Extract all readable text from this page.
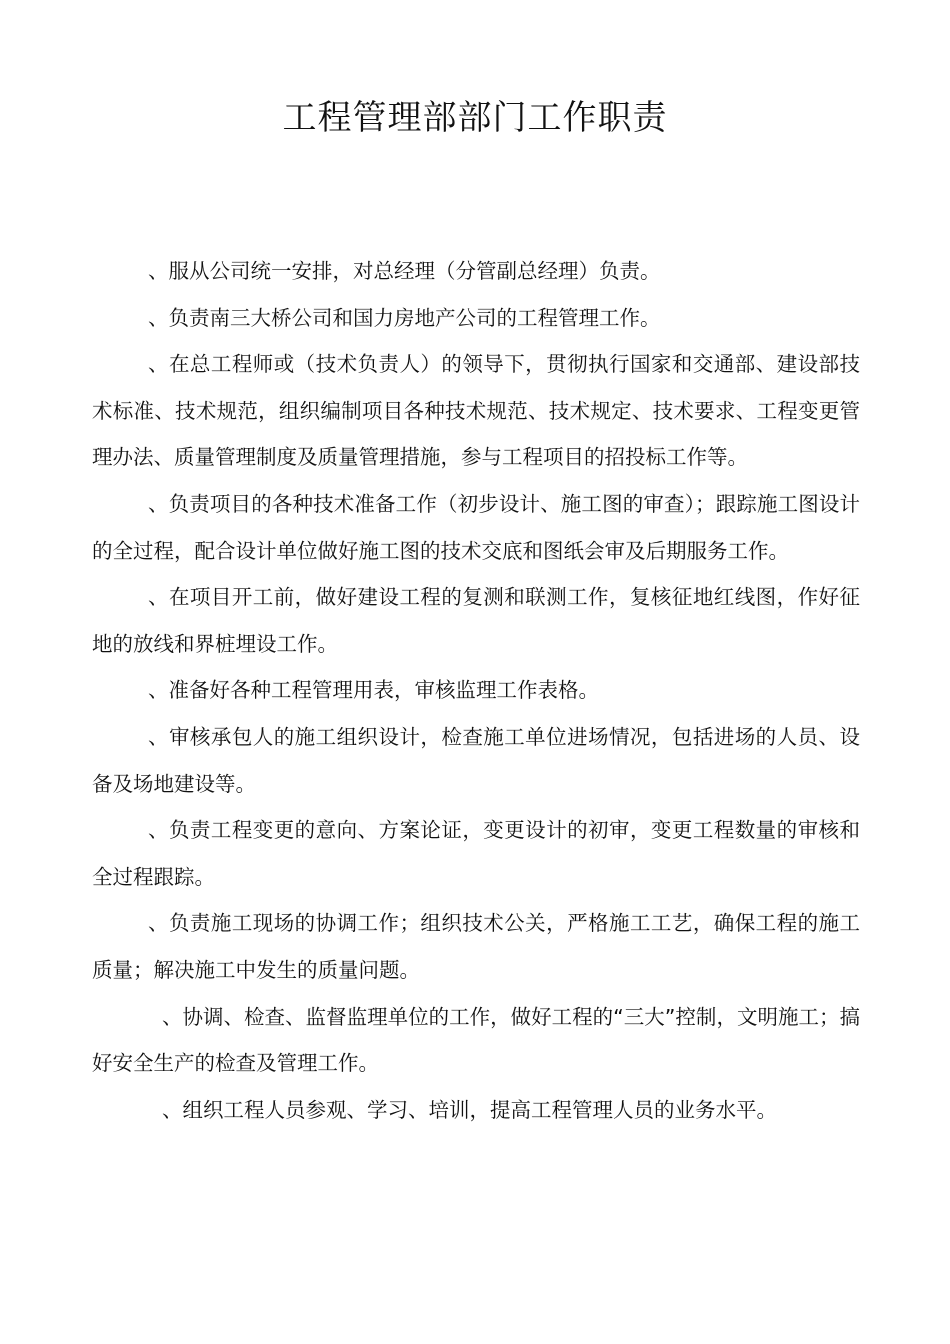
工程管理部部门工作职责

、服从公司统一安排，对总经理（分管副总经理）负责。

、负责南三大桥公司和国力房地产公司的工程管理工作。

、在总工程师或（技术负责人）的领导下，贯彻执行国家和交通部、建设部技术标准、技术规范，组织编制项目各种技术规范、技术规定、技术要求、工程变更管理办法、质量管理制度及质量管理措施，参与工程项目的招投标工作等。

、负责项目的各种技术准备工作（初步设计、施工图的审查）；跟踪施工图设计的全过程，配合设计单位做好施工图的技术交底和图纸会审及后期服务工作。

、在项目开工前，做好建设工程的复测和联测工作，复核征地红线图，作好征地的放线和界桩埋设工作。

、准备好各种工程管理用表，审核监理工作表格。

、审核承包人的施工组织设计，检查施工单位进场情况，包括进场的人员、设备及场地建设等。

、负责工程变更的意向、方案论证，变更设计的初审，变更工程数量的审核和全过程跟踪。

、负责施工现场的协调工作；组织技术公关，严格施工工艺，确保工程的施工质量；解决施工中发生的质量问题。

、协调、检查、监督监理单位的工作，做好工程的“三大”控制，文明施工；搞好安全生产的检查及管理工作。

、组织工程人员参观、学习、培训，提高工程管理人员的业务水平。
